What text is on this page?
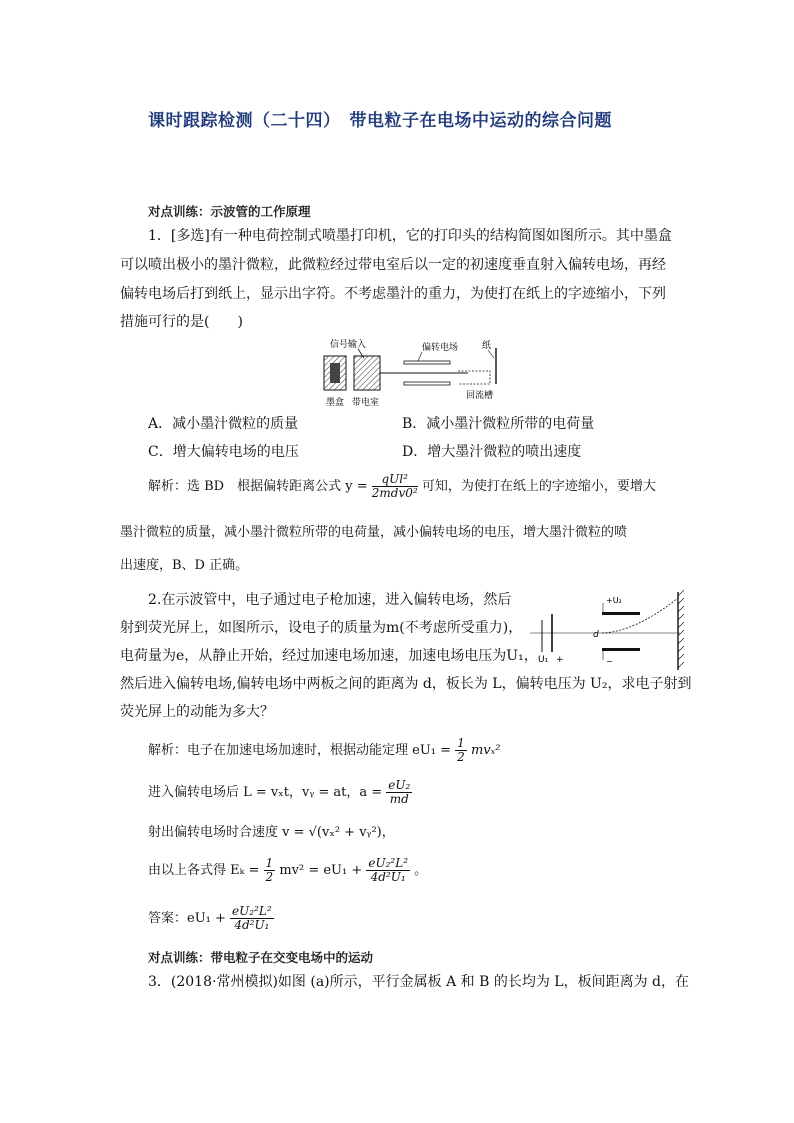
课时跟踪检测（二十四）　带电粒子在电场中运动的综合问题
对点训练：示波管的工作原理
1．[多选]有一种电荷控制式喷墨打印机，它的打印头的结构简图如图所示。其中墨盒
可以喷出极小的墨汁微粒，此微粒经过带电室后以一定的初速度垂直射入偏转电场，再经
偏转电场后打到纸上，显示出字符。不考虑墨汁的重力，为使打在纸上的字迹缩小，下列
措施可行的是(　　)
信号输入	偏转电场	纸
墨盒 带电室
回流槽
A．减小墨汁微粒的质量	B．减小墨汁微粒所带的电荷量
C．增大偏转电场的电压	D．增大墨汁微粒的喷出速度
解析：选 BD　根据偏转距离公式 $y = \frac{\text{qUl²}}{\text{2mdv0²}}$ 可知，为使打在纸上的字迹缩小，要增大
墨汁微粒的质量，减小墨汁微粒所带的电荷量，减小偏转电场的电压，增大墨汁微粒的喷
出速度，B、D 正确。
2.在示波管中，电子通过电子枪加速，进入偏转电场，然后
射到荧光屏上，如图所示，设电子的质量为m(不考虑所受重力)，
电荷量为e，从静止开始，经过加速电场加速，加速电场电压为U₁， U₁ +
+U₂
−
d
然后进入偏转电场,偏转电场中两板之间的距离为 d，板长为 L，偏转电压为 U₂，求电子射到
荧光屏上的动能为多大？
解析：电子在加速电场加速时，根据动能定理 $eU_1 = \frac{1}{2} mv_x^2$
进入偏转电场后 L = vₓt，vᵧ = at，$a = \frac{\text{eU₂}}{md}$
射出偏转电场时合速度 v = √(vₓ² + vᵧ²)，
由以上各式得 $E_k = \frac{1}{2} mv^2 = eU_1 + \frac{\text{eU₂²L²}}{\text{4d²U₁}}$ 。
答案：$eU_1 + \frac{\text{eU₂²L²}}{\text{4d²U₁}}$
对点训练：带电粒子在交变电场中的运动
3．(2018·常州模拟)如图 (a)所示，平行金属板 A 和 B 的长均为 L，板间距离为 d，在
